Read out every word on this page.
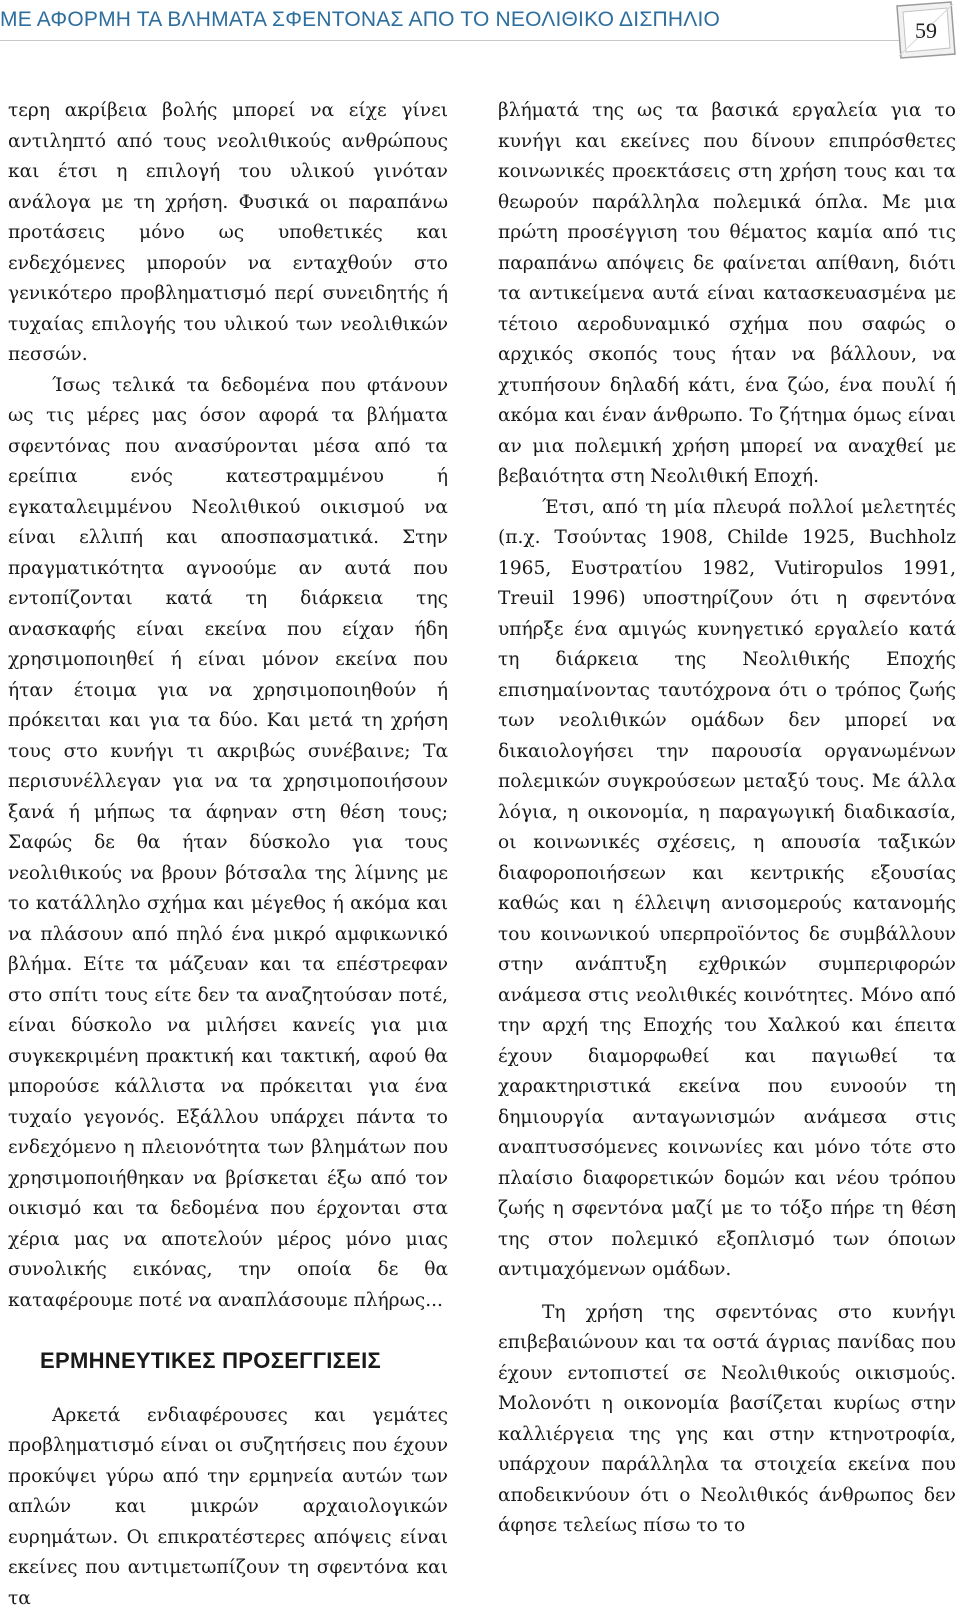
ΜΕ ΑΦΟΡΜΗ ΤΑ ΒΛΗΜΑΤΑ ΣΦΕΝΤΟΝΑΣ ΑΠΟ ΤΟ ΝΕΟΛΙΘΙΚΟ ΔΙΣΠΗΛΙΟ	59

τερη ακρίβεια βολής μπορεί να είχε γίνει αντιληπτό από τους νεολιθικούς ανθρώπους και έτσι η επιλογή του υλικού γινόταν ανάλογα με τη χρήση. Φυσικά οι παραπάνω προτάσεις μόνο ως υποθετικές και ενδεχόμενες μπορούν να ενταχθούν στο γενικότερο προβληματισμό περί συνειδητής ή τυχαίας επιλογής του υλικού των νεολιθικών πεσσών.

Ίσως τελικά τα δεδομένα που φτάνουν ως τις μέρες μας όσον αφορά τα βλήματα σφεντόνας που ανασύρονται μέσα από τα ερείπια ενός κατεστραμμένου ή εγκαταλειμμένου Νεολιθικού οικισμού να είναι ελλιπή και αποσπασματικά. Στην πραγματικότητα αγνοούμε αν αυτά που εντοπίζονται κατά τη διάρκεια της ανασκαφής είναι εκείνα που είχαν ήδη χρησιμοποιηθεί ή είναι μόνον εκείνα που ήταν έτοιμα για να χρησιμοποιηθούν ή πρόκειται και για τα δύο. Και μετά τη χρήση τους στο κυνήγι τι ακριβώς συνέβαινε; Τα περισυνέλλεγαν για να τα χρησιμοποιήσουν ξανά ή μήπως τα άφηναν στη θέση τους; Σαφώς δε θα ήταν δύσκολο για τους νεολιθικούς να βρουν βότσαλα της λίμνης με το κατάλληλο σχήμα και μέγεθος ή ακόμα και να πλάσουν από πηλό ένα μικρό αμφικωνικό βλήμα. Είτε τα μάζευαν και τα επέστρεφαν στο σπίτι τους είτε δεν τα αναζητούσαν ποτέ, είναι δύσκολο να μιλήσει κανείς για μια συγκεκριμένη πρακτική και τακτική, αφού θα μπορούσε κάλλιστα να πρόκειται για ένα τυχαίο γεγονός. Εξάλλου υπάρχει πάντα το ενδεχόμενο η πλειονότητα των βλημάτων που χρησιμοποιήθηκαν να βρίσκεται έξω από τον οικισμό και τα δεδομένα που έρχονται στα χέρια μας να αποτελούν μέρος μόνο μιας συνολικής εικόνας, την οποία δε θα καταφέρουμε ποτέ να αναπλάσουμε πλήρως...

ΕΡΜΗΝΕΥΤΙΚΕΣ ΠΡΟΣΕΓΓΙΣΕΙΣ

Αρκετά ενδιαφέρουσες και γεμάτες προβληματισμό είναι οι συζητήσεις που έχουν προκύψει γύρω από την ερμηνεία αυτών των απλών και μικρών αρχαιολογικών ευρημάτων. Οι επικρατέστερες απόψεις είναι εκείνες που αντιμετωπίζουν τη σφεντόνα και τα

βλήματά της ως τα βασικά εργαλεία για το κυνήγι και εκείνες που δίνουν επιπρόσθετες κοινωνικές προεκτάσεις στη χρήση τους και τα θεωρούν παράλληλα πολεμικά όπλα. Με μια πρώτη προσέγγιση του θέματος καμία από τις παραπάνω απόψεις δε φαίνεται απίθανη, διότι τα αντικείμενα αυτά είναι κατασκευασμένα με τέτοιο αεροδυναμικό σχήμα που σαφώς ο αρχικός σκοπός τους ήταν να βάλλουν, να χτυπήσουν δηλαδή κάτι, ένα ζώο, ένα πουλί ή ακόμα και έναν άνθρωπο. Το ζήτημα όμως είναι αν μια πολεμική χρήση μπορεί να αναχθεί με βεβαιότητα στη Νεολιθική Εποχή.

Έτσι, από τη μία πλευρά πολλοί μελετητές (π.χ. Τσούντας 1908, Childe 1925, Buchholz 1965, Ευστρατίου 1982, Vutiropulos 1991, Treuil 1996) υποστηρίζουν ότι η σφεντόνα υπήρξε ένα αμιγώς κυνηγετικό εργαλείο κατά τη διάρκεια της Νεολιθικής Εποχής επισημαίνοντας ταυτόχρονα ότι ο τρόπος ζωής των νεολιθικών ομάδων δεν μπορεί να δικαιολογήσει την παρουσία οργανωμένων πολεμικών συγκρούσεων μεταξύ τους. Με άλλα λόγια, η οικονομία, η παραγωγική διαδικασία, οι κοινωνικές σχέσεις, η απουσία ταξικών διαφοροποιήσεων και κεντρικής εξουσίας καθώς και η έλλειψη ανισομερούς κατανομής του κοινωνικού υπερπροϊόντος δε συμβάλλουν στην ανάπτυξη εχθρικών συμπεριφορών ανάμεσα στις νεολιθικές κοινότητες. Μόνο από την αρχή της Εποχής του Χαλκού και έπειτα έχουν διαμορφωθεί και παγιωθεί τα χαρακτηριστικά εκείνα που ευνοούν τη δημιουργία ανταγωνισμών ανάμεσα στις αναπτυσσόμενες κοινωνίες και μόνο τότε στο πλαίσιο διαφορετικών δομών και νέου τρόπου ζωής η σφεντόνα μαζί με το τόξο πήρε τη θέση της στον πολεμικό εξοπλισμό των όποιων αντιμαχόμενων ομάδων.

Τη χρήση της σφεντόνας στο κυνήγι επιβεβαιώνουν και τα οστά άγριας πανίδας που έχουν εντοπιστεί σε Νεολιθικούς οικισμούς. Μολονότι η οικονομία βασίζεται κυρίως στην καλλιέργεια της γης και στην κτηνοτροφία, υπάρχουν παράλληλα τα στοιχεία εκείνα που αποδεικνύουν ότι ο Νεολιθικός άνθρωπος δεν άφησε τελείως πίσω το το
